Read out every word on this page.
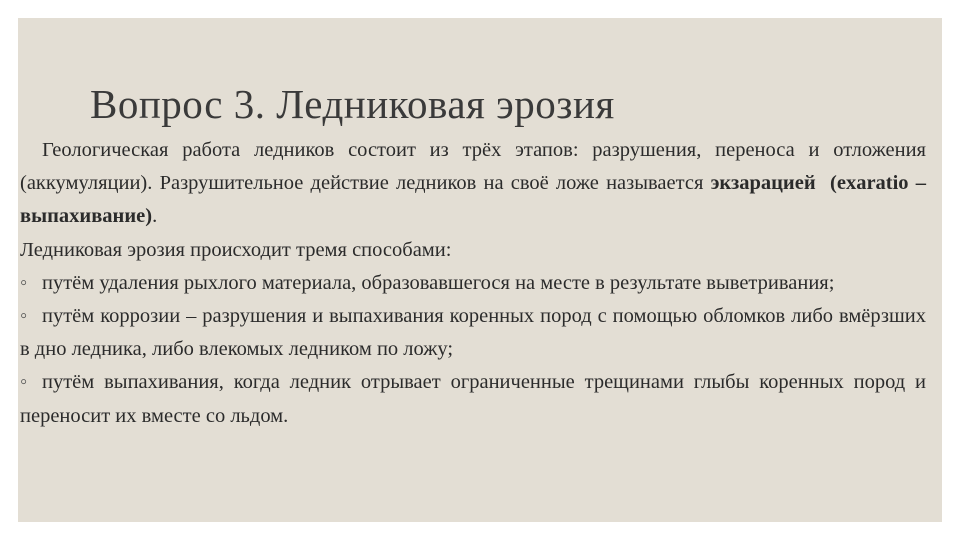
Вопрос 3. Ледниковая эрозия

Геологическая работа ледников состоит из трёх этапов: разрушения, переноса и отложения (аккумуляции). Разрушительное действие ледников на своё ложе называется экзарацией (exaratio – выпахивание).

Ледниковая эрозия происходит тремя способами:

◦ путём удаления рыхлого материала, образовавшегося на месте в результате выветривания;

◦ путём коррозии – разрушения и выпахивания коренных пород с помощью обломков либо вмёрзших в дно ледника, либо влекомых ледником по ложу;

◦ путём выпахивания, когда ледник отрывает ограниченные трещинами глыбы коренных пород и переносит их вместе со льдом.
